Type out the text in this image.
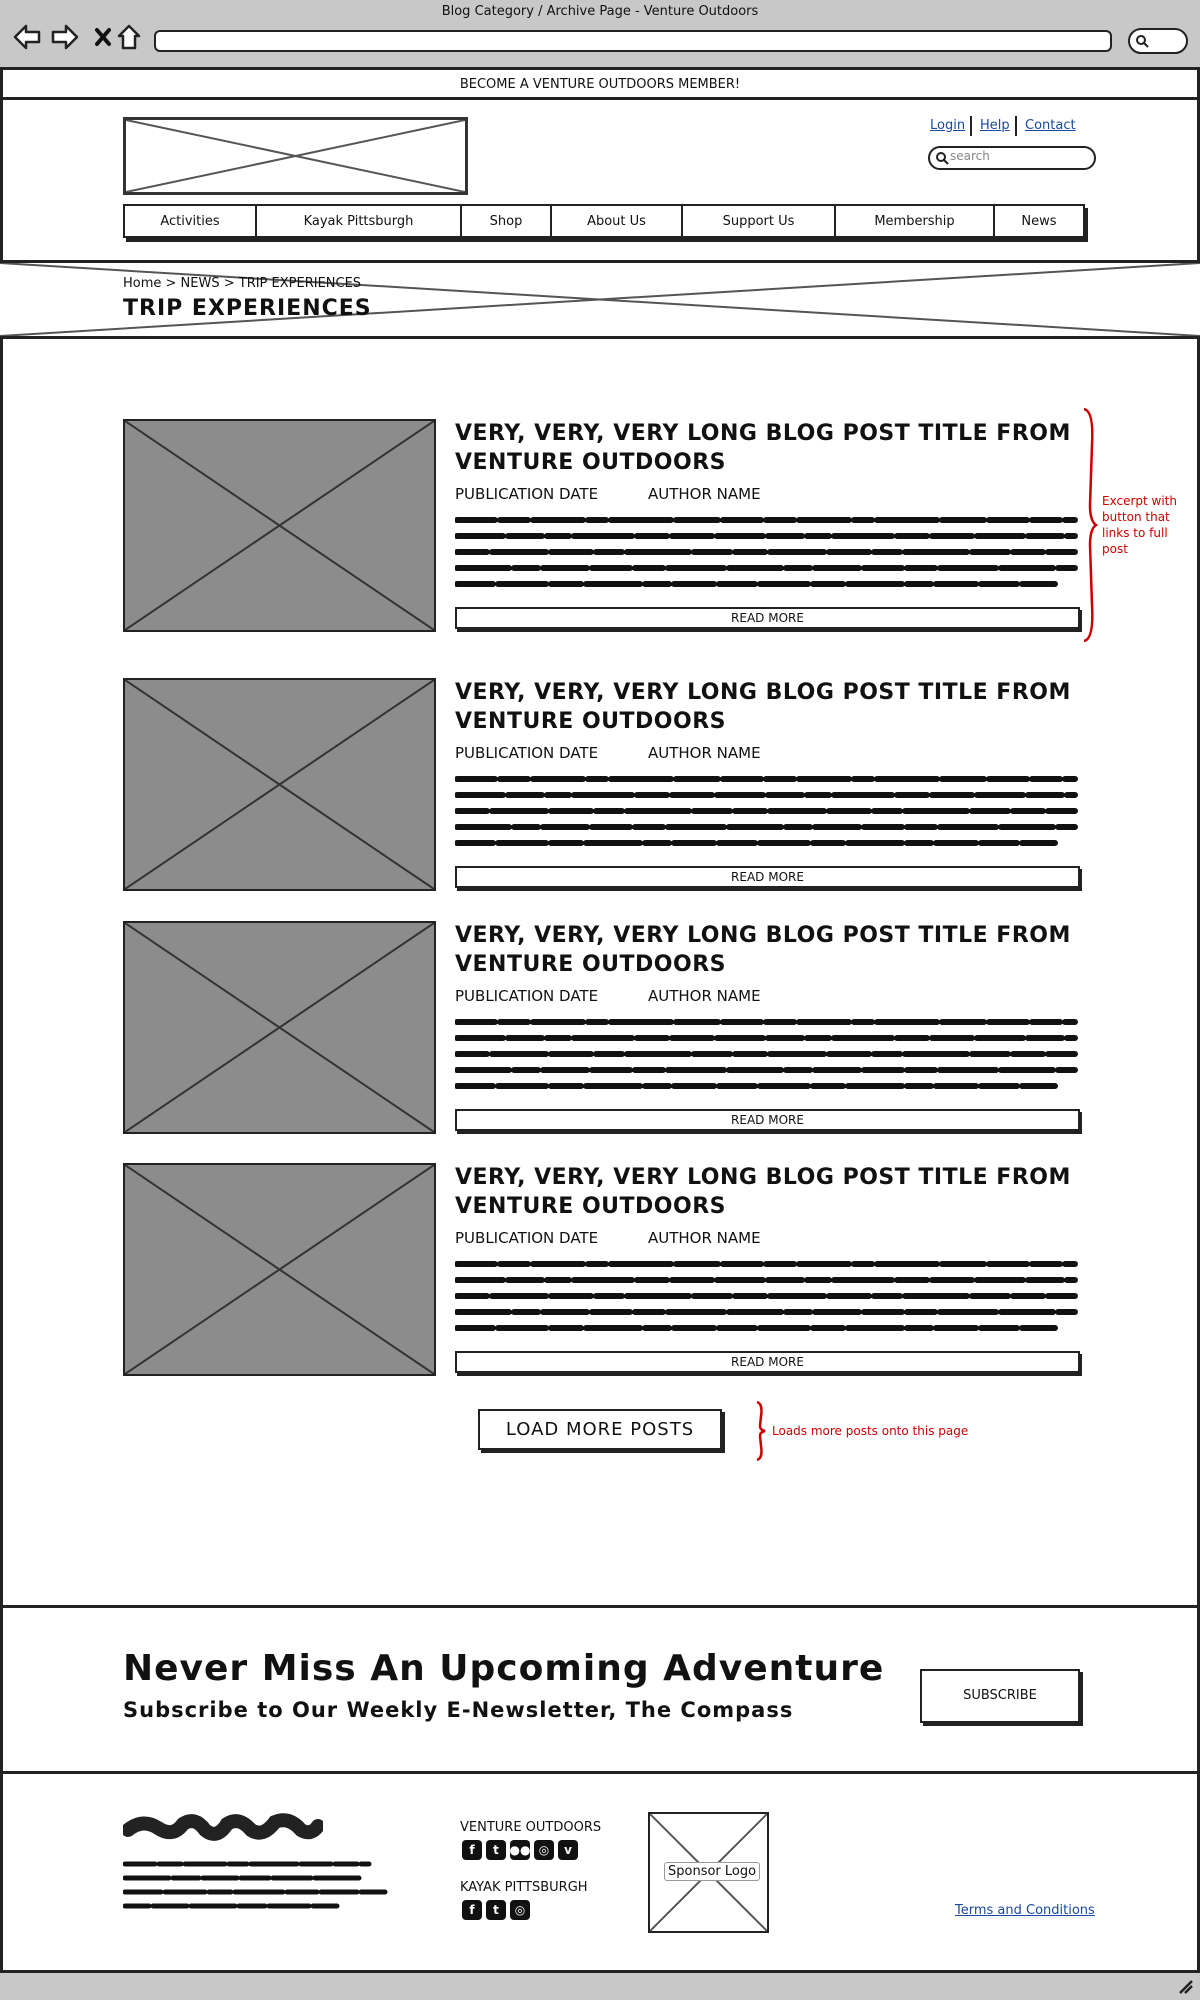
Blog Category / Archive Page - Venture Outdoors
BECOME A VENTURE OUTDOORS MEMBER!
Login Help Contact
search
Activities	Kayak Pittsburgh	Shop	About Us	Support Us	Membership	News
Home > NEWS > TRIP EXPERIENCES
TRIP EXPERIENCES
VERY, VERY, VERY LONG BLOG POST TITLE FROM VENTURE OUTDOORS
PUBLICATION DATE	AUTHOR NAME
READ MORE
Excerpt with button that links to full post
VERY, VERY, VERY LONG BLOG POST TITLE FROM VENTURE OUTDOORS
PUBLICATION DATE	AUTHOR NAME
READ MORE
VERY, VERY, VERY LONG BLOG POST TITLE FROM VENTURE OUTDOORS
PUBLICATION DATE	AUTHOR NAME
READ MORE
VERY, VERY, VERY LONG BLOG POST TITLE FROM VENTURE OUTDOORS
PUBLICATION DATE	AUTHOR NAME
READ MORE
LOAD MORE POSTS	Loads more posts onto this page
Never Miss An Upcoming Adventure
Subscribe to Our Weekly E-Newsletter, The Compass
SUBSCRIBE
VENTURE OUTDOORS
f	t ●● ◎	v
KAYAK PITTSBURGH
f	t	◎
Sponsor Logo
Terms and Conditions
